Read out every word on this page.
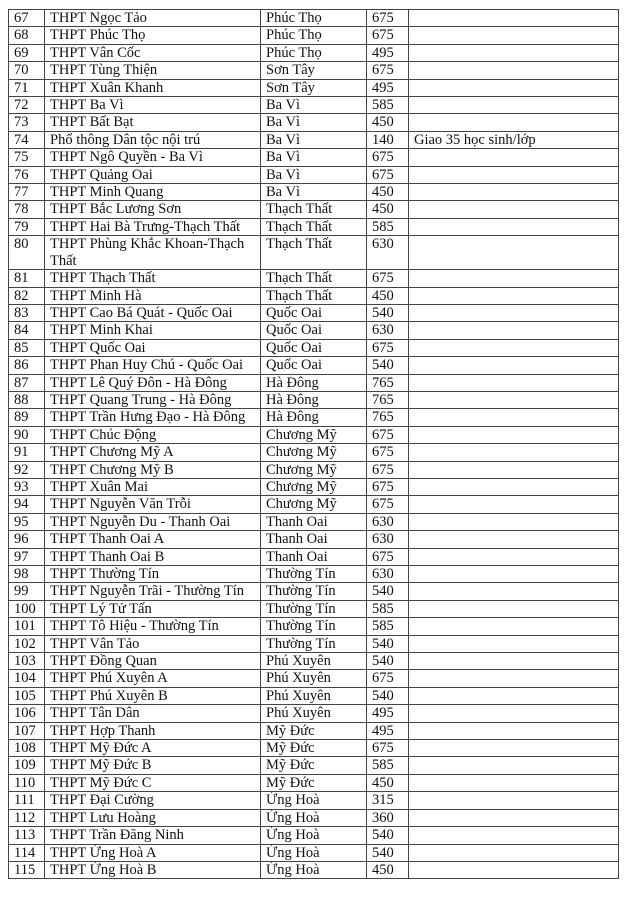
67	THPT Ngọc Tảo	Phúc Thọ	675	
68	THPT Phúc Thọ	Phúc Thọ	675	
69	THPT Vân Cốc	Phúc Thọ	495	
70	THPT Tùng Thiện	Sơn Tây	675	
71	THPT Xuân Khanh	Sơn Tây	495	
72	THPT Ba Vì	Ba Vì	585	
73	THPT Bất Bạt	Ba Vì	450	
74	Phổ thông Dân tộc nội trú	Ba Vì	140	Giao 35 học sinh/lớp
75	THPT Ngô Quyền - Ba Vì	Ba Vì	675	
76	THPT Quảng Oai	Ba Vì	675	
77	THPT Minh Quang	Ba Vì	450	
78	THPT Bắc Lương Sơn	Thạch Thất	450	
79	THPT Hai Bà Trưng-Thạch Thất	Thạch Thất	585	
80	THPT Phùng Khắc Khoan-Thạch Thất	Thạch Thất	630	
81	THPT Thạch Thất	Thạch Thất	675	
82	THPT Minh Hà	Thạch Thất	450	
83	THPT Cao Bá Quát - Quốc Oai	Quốc Oai	540	
84	THPT Minh Khai	Quốc Oai	630	
85	THPT Quốc Oai	Quốc Oai	675	
86	THPT Phan Huy Chú - Quốc Oai	Quốc Oai	540	
87	THPT Lê Quý Đôn - Hà Đông	Hà Đông	765	
88	THPT Quang Trung - Hà Đông	Hà Đông	765	
89	THPT Trần Hưng Đạo - Hà Đông	Hà Đông	765	
90	THPT Chúc Động	Chương Mỹ	675	
91	THPT Chương Mỹ A	Chương Mỹ	675	
92	THPT Chương Mỹ B	Chương Mỹ	675	
93	THPT Xuân Mai	Chương Mỹ	675	
94	THPT Nguyễn Văn Trỗi	Chương Mỹ	675	
95	THPT Nguyễn Du - Thanh Oai	Thanh Oai	630	
96	THPT Thanh Oai A	Thanh Oai	630	
97	THPT Thanh Oai B	Thanh Oai	675	
98	THPT Thường Tín	Thường Tín	630	
99	THPT Nguyễn Trãi - Thường Tín	Thường Tín	540	
100	THPT Lý Tử Tấn	Thường Tín	585	
101	THPT Tô Hiệu - Thường Tín	Thường Tín	585	
102	THPT Vân Tảo	Thường Tín	540	
103	THPT Đồng Quan	Phú Xuyên	540	
104	THPT Phú Xuyên A	Phú Xuyên	675	
105	THPT Phú Xuyên B	Phú Xuyên	540	
106	THPT Tân Dân	Phú Xuyên	495	
107	THPT Hợp Thanh	Mỹ Đức	495	
108	THPT Mỹ Đức A	Mỹ Đức	675	
109	THPT Mỹ Đức B	Mỹ Đức	585	
110	THPT Mỹ Đức C	Mỹ Đức	450	
111	THPT Đại Cường	Ứng Hoà	315	
112	THPT Lưu Hoàng	Ứng Hoà	360	
113	THPT Trần Đăng Ninh	Ứng Hoà	540	
114	THPT Ứng Hoà A	Ứng Hoà	540	
115	THPT Ứng Hoà B	Ứng Hoà	450	
